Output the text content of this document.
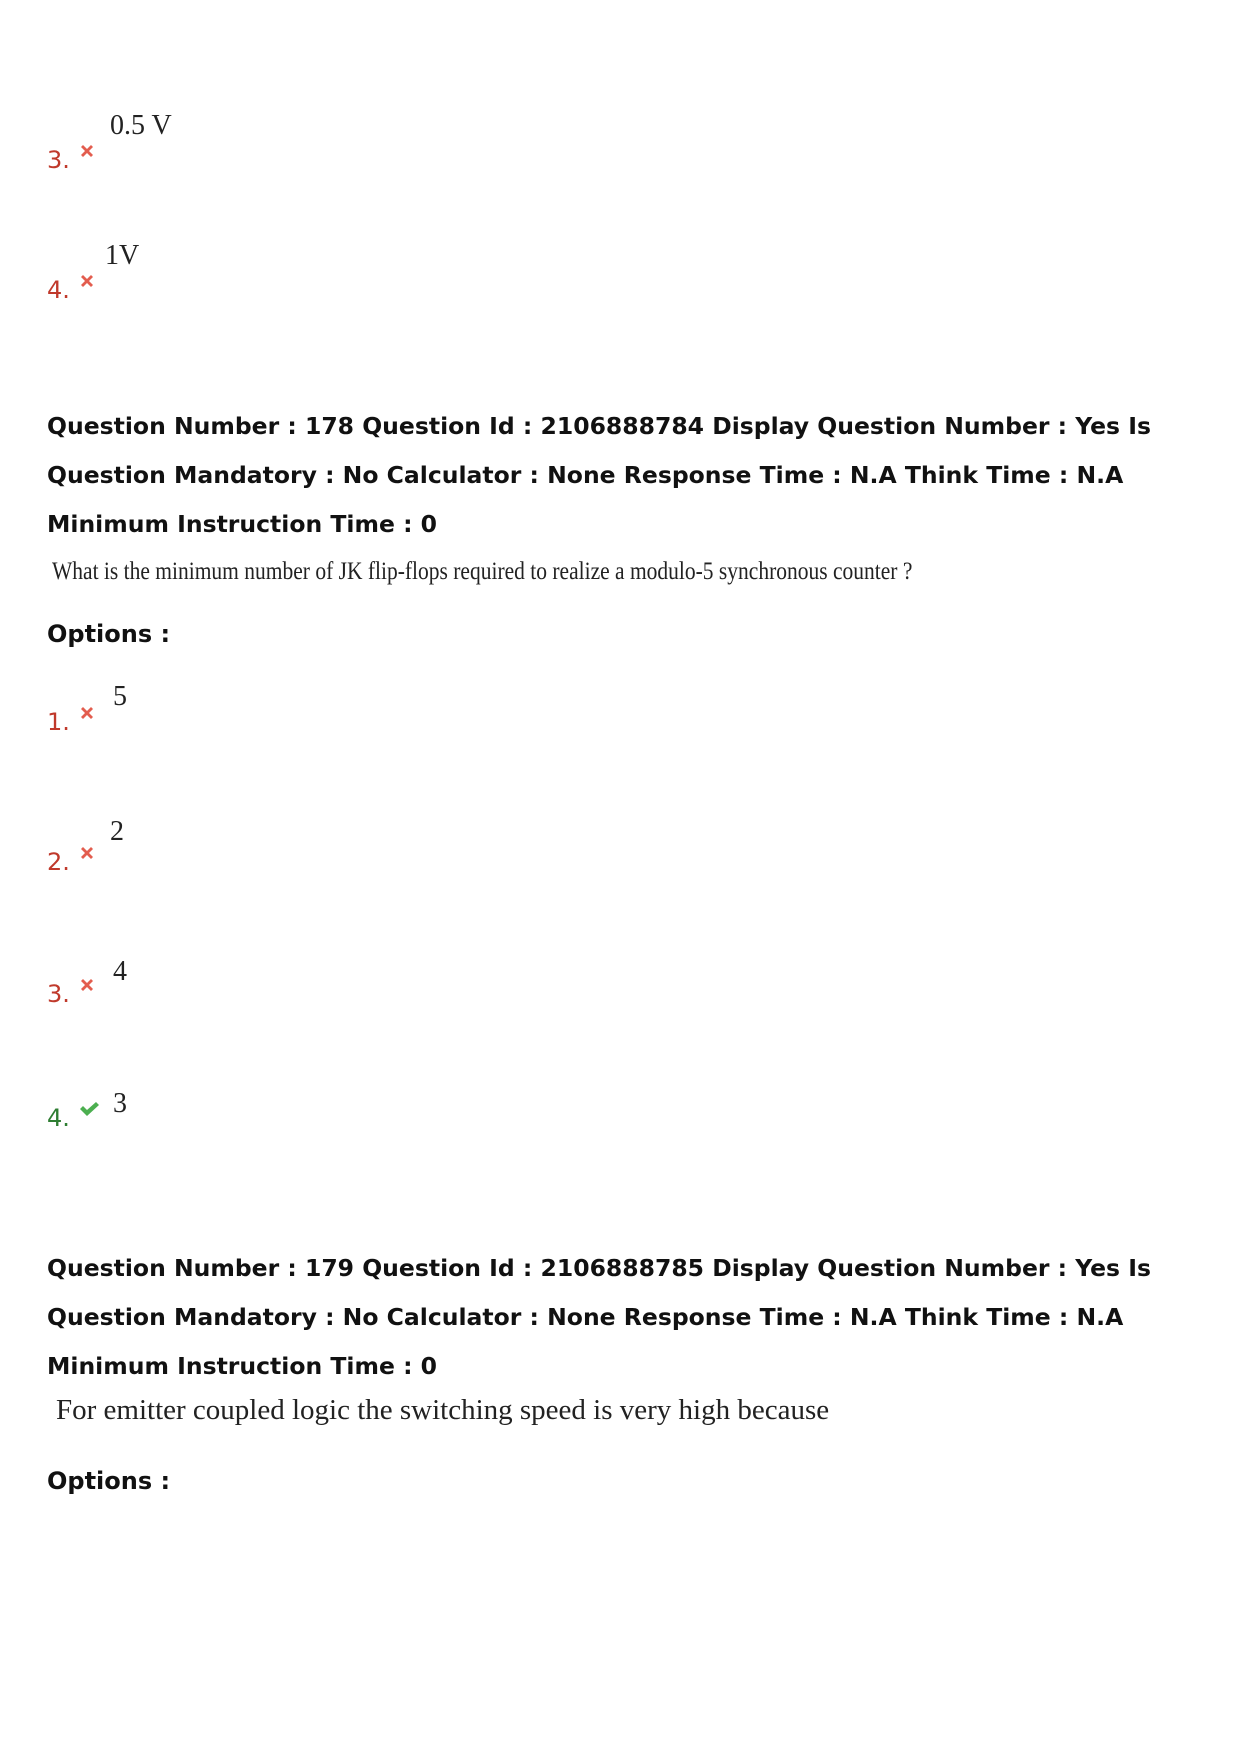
3.
0.5 V
4.
1V
Question Number : 178 Question Id : 2106888784 Display Question Number : Yes Is Question Mandatory : No Calculator : None Response Time : N.A Think Time : N.A Minimum Instruction Time : 0
What is the minimum number of JK flip-flops required to realize a modulo-5 synchronous counter ?
Options :
1.
5
2.
2
3.
4
4. 3
Question Number : 179 Question Id : 2106888785 Display Question Number : Yes Is Question Mandatory : No Calculator : None Response Time : N.A Think Time : N.A Minimum Instruction Time : 0
For emitter coupled logic the switching speed is very high because
Options :
